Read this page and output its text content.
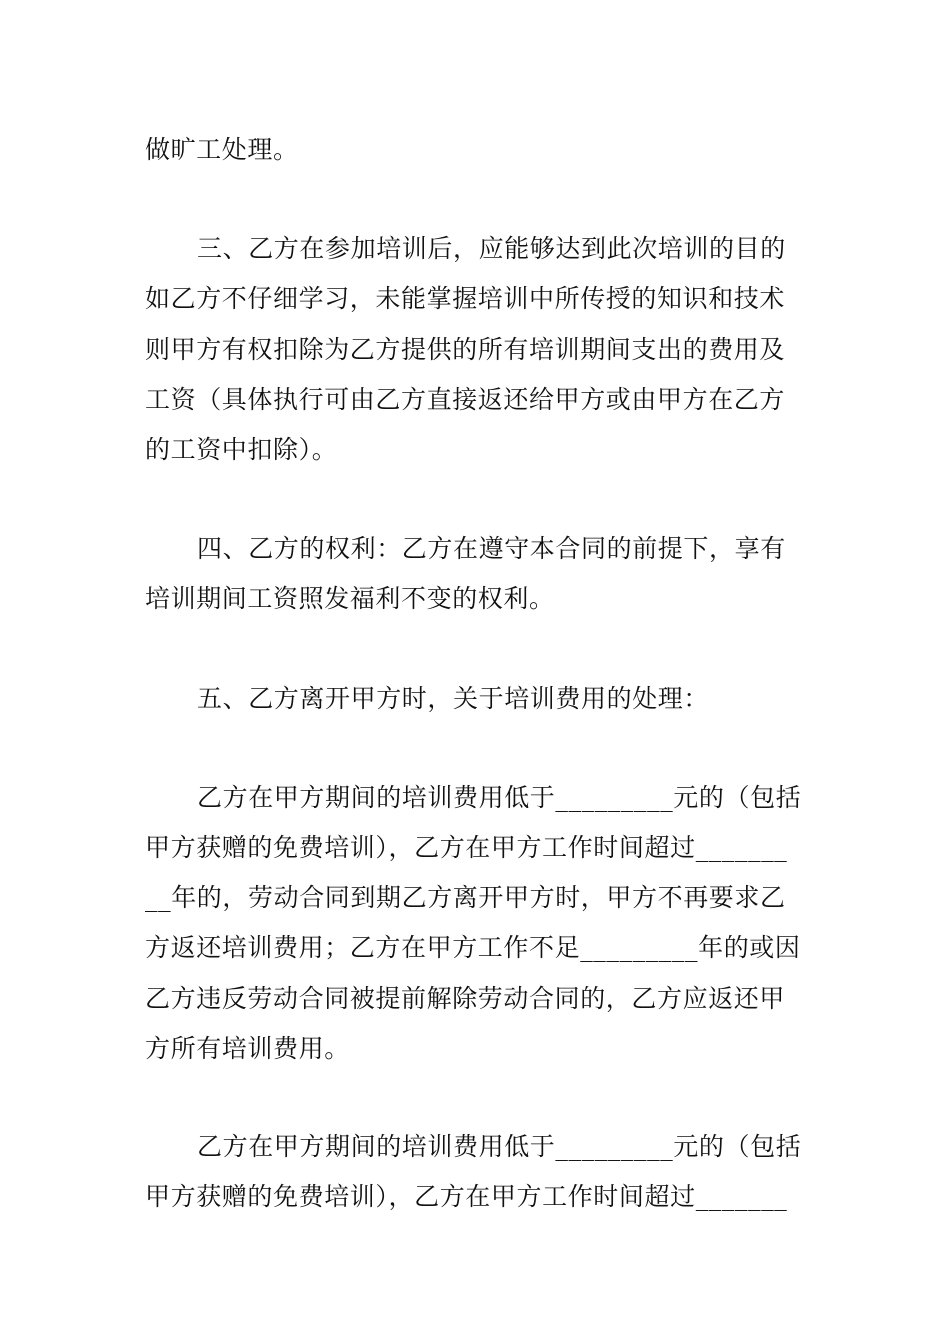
做旷工处理。
三、乙方在参加培训后，应能够达到此次培训的目的
如乙方不仔细学习，未能掌握培训中所传授的知识和技术
则甲方有权扣除为乙方提供的所有培训期间支出的费用及
工资（具体执行可由乙方直接返还给甲方或由甲方在乙方
的工资中扣除）。
四、乙方的权利：乙方在遵守本合同的前提下，享有
培训期间工资照发福利不变的权利。
五、乙方离开甲方时，关于培训费用的处理：
乙方在甲方期间的培训费用低于_________元的（包括
甲方获赠的免费培训），乙方在甲方工作时间超过_______
__年的，劳动合同到期乙方离开甲方时，甲方不再要求乙
方返还培训费用；乙方在甲方工作不足_________年的或因
乙方违反劳动合同被提前解除劳动合同的，乙方应返还甲
方所有培训费用。
乙方在甲方期间的培训费用低于_________元的（包括
甲方获赠的免费培训），乙方在甲方工作时间超过_______
